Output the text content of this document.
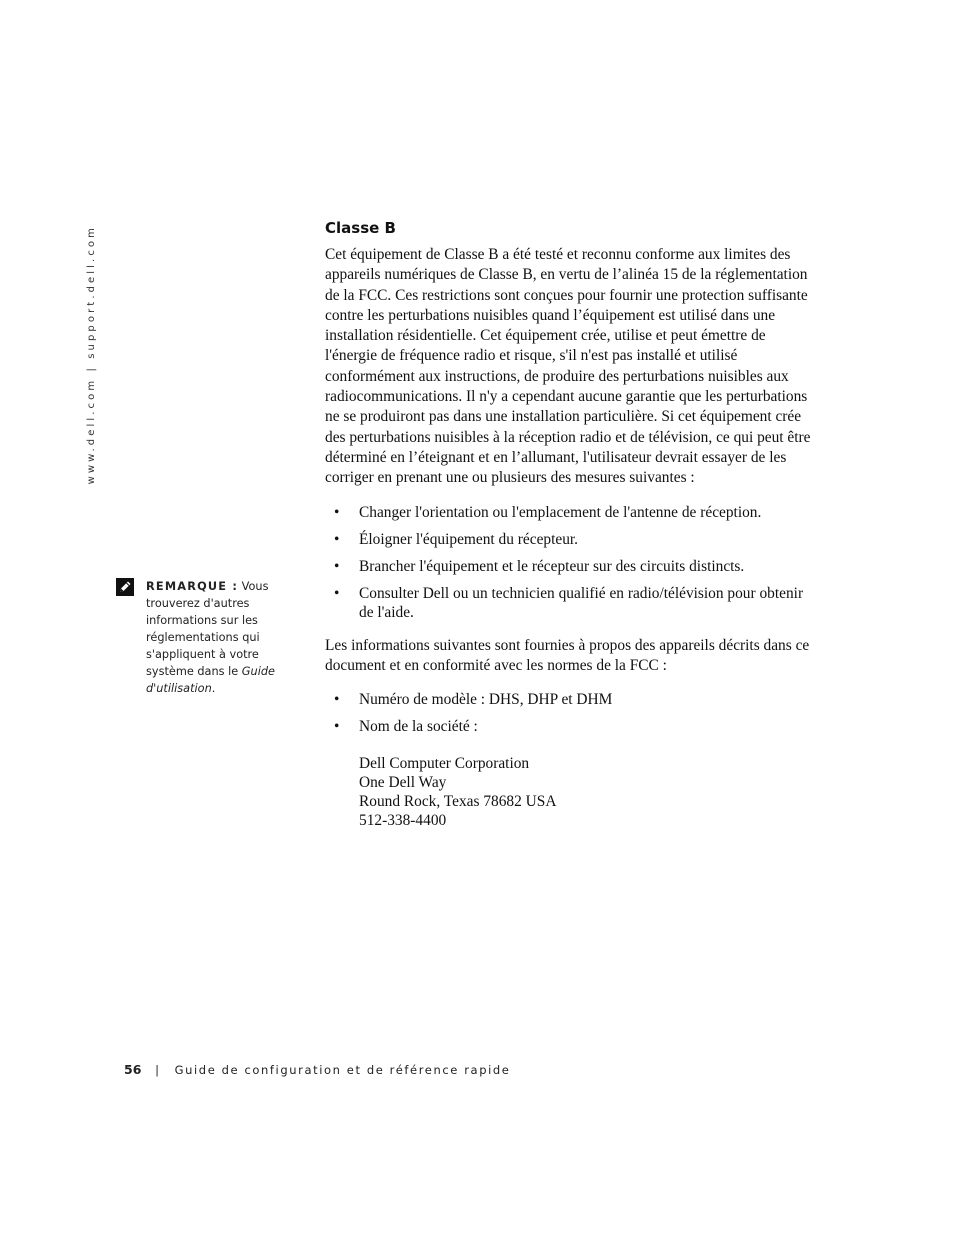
www.dell.com | support.dell.com	Classe B

Cet équipement de Classe B a été testé et reconnu conforme aux limites des appareils numériques de Classe B, en vertu de l’alinéa 15 de la réglementation de la FCC. Ces restrictions sont conçues pour fournir une protection suffisante contre les perturbations nuisibles quand l’équipement est utilisé dans une installation résidentielle. Cet équipement crée, utilise et peut émettre de l'énergie de fréquence radio et risque, s'il n'est pas installé et utilisé conformément aux instructions, de produire des perturbations nuisibles aux radiocommunications. Il n'y a cependant aucune garantie que les perturbations ne se produiront pas dans une installation particulière. Si cet équipement crée des perturbations nuisibles à la réception radio et de télévision, ce qui peut être déterminé en l’éteignant et en l’allumant, l'utilisateur devrait essayer de les corriger en prenant une ou plusieurs des mesures suivantes :

• Changer l'orientation ou l'emplacement de l'antenne de réception.
• Éloigner l'équipement du récepteur.
• Brancher l'équipement et le récepteur sur des circuits distincts.
• Consulter Dell ou un technicien qualifié en radio/télévision pour obtenir de l'aide.

Les informations suivantes sont fournies à propos des appareils décrits dans ce document et en conformité avec les normes de la FCC :

• Numéro de modèle : DHS, DHP et DHM
• Nom de la société :
Dell Computer Corporation
One Dell Way
Round Rock, Texas 78682 USA
512-338-4400
REMARQUE : Vous trouverez d'autres informations sur les réglementations qui s'appliquent à votre système dans le Guide d'utilisation.
56 | Guide de configuration et de référence rapide
